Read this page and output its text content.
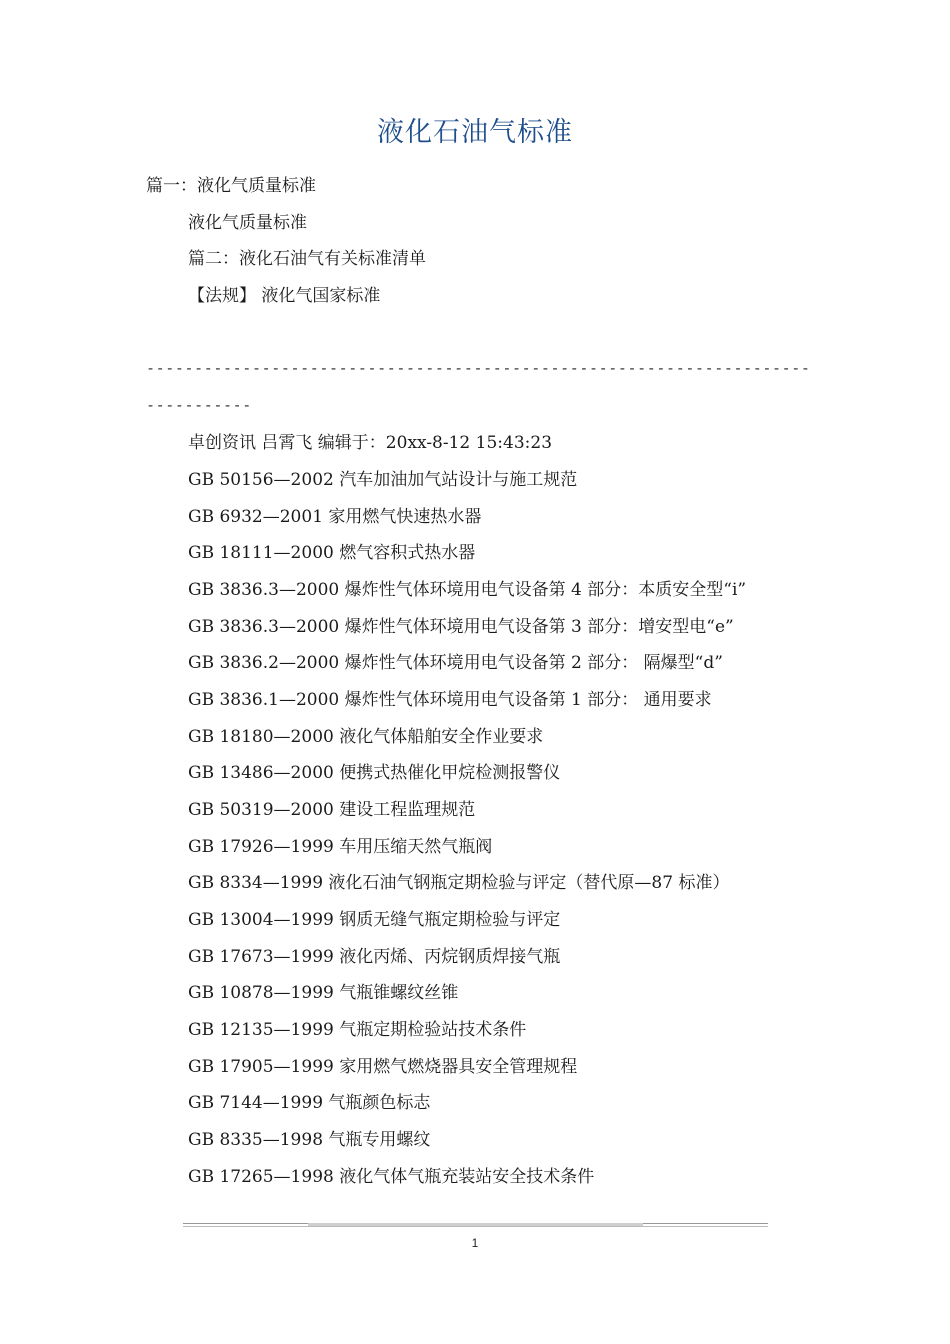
液化石油气标准
篇一：液化气质量标准
液化气质量标准
篇二：液化石油气有关标准清单
【法规】 液化气国家标准
---------------------------------------------------------------------
-----------
卓创资讯 吕霄飞 编辑于：20xx-8-12 15:43:23
GB 50156—2002 汽车加油加气站设计与施工规范
GB 6932—2001 家用燃气快速热水器
GB 18111—2000 燃气容积式热水器
GB 3836.3—2000 爆炸性气体环境用电气设备第 4 部分：本质安全型“i”
GB 3836.3—2000 爆炸性气体环境用电气设备第 3 部分：增安型电“e”
GB 3836.2—2000 爆炸性气体环境用电气设备第 2 部分： 隔爆型“d”
GB 3836.1—2000 爆炸性气体环境用电气设备第 1 部分： 通用要求
GB 18180—2000 液化气体船舶安全作业要求
GB 13486—2000 便携式热催化甲烷检测报警仪
GB 50319—2000 建设工程监理规范
GB 17926—1999 车用压缩天然气瓶阀
GB 8334—1999 液化石油气钢瓶定期检验与评定（替代原—87 标准）
GB 13004—1999 钢质无缝气瓶定期检验与评定
GB 17673—1999 液化丙烯、丙烷钢质焊接气瓶
GB 10878—1999 气瓶锥螺纹丝锥
GB 12135—1999 气瓶定期检验站技术条件
GB 17905—1999 家用燃气燃烧器具安全管理规程
GB 7144—1999 气瓶颜色标志
GB 8335—1998 气瓶专用螺纹
GB 17265—1998 液化气体气瓶充装站安全技术条件
1
